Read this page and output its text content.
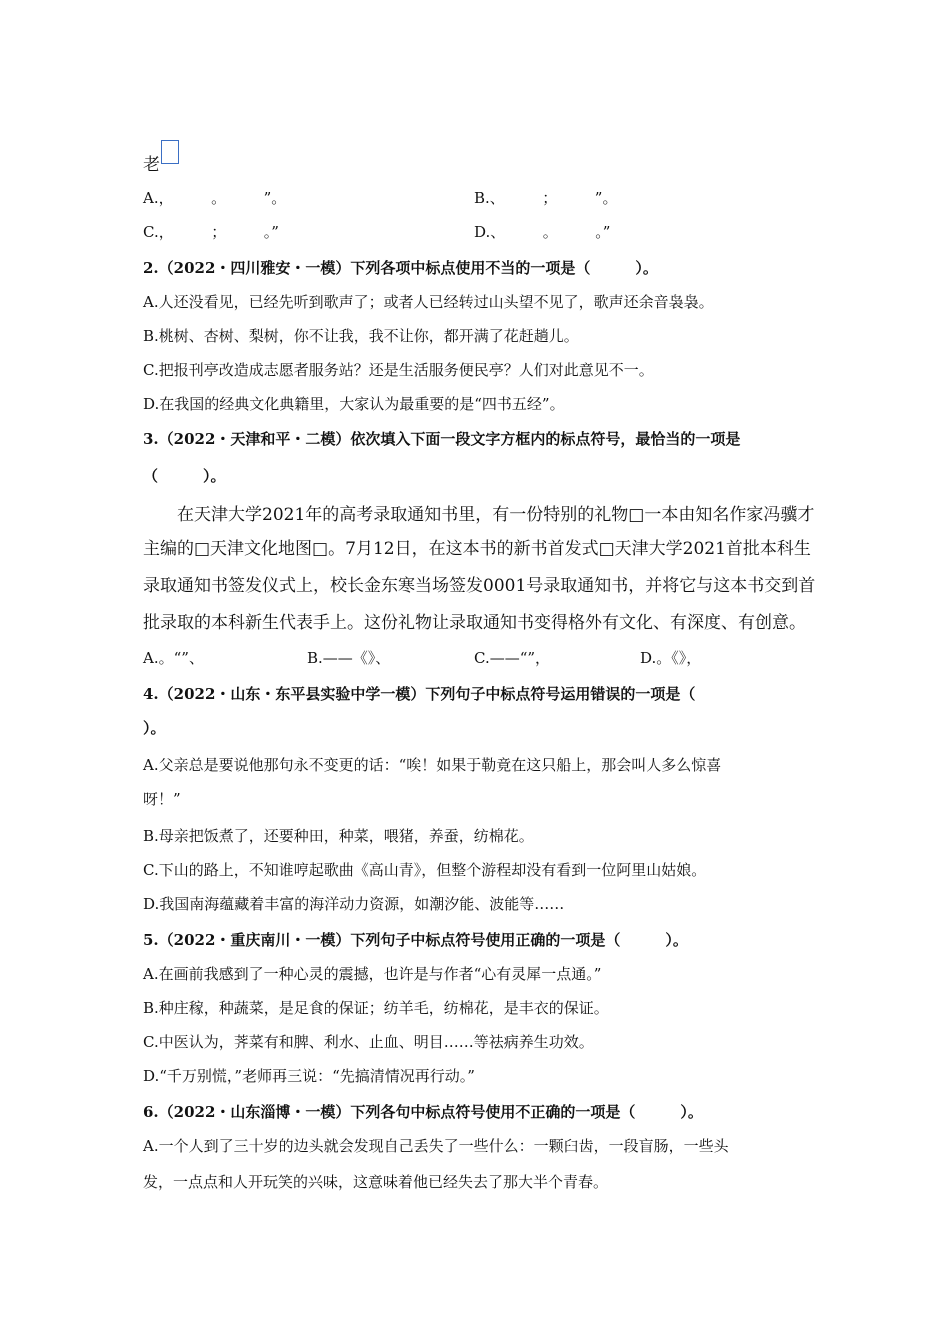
老
A.，　　　。　　　”。	B.、　　　；　　　”。
C.，　　　；　　　。”	D.、　　　。　　　。”
2.（2022・四川雅安・一模）下列各项中标点使用不当的一项是（　　　）。
A.人还没看见，已经先听到歌声了；或者人已经转过山头望不见了，歌声还余音袅袅。
B.桃树、杏树、梨树，你不让我，我不让你，都开满了花赶趟儿。
C.把报刊亭改造成志愿者服务站？还是生活服务便民亭？人们对此意见不一。
D.在我国的经典文化典籍里，大家认为最重要的是“四书五经”。
3.（2022・天津和平・二模）依次填入下面一段文字方框内的标点符号，最恰当的一项是
（　　　）。
在天津大学2021年的高考录取通知书里，有一份特别的礼物□一本由知名作家冯骥才
主编的□天津文化地图□。7月12日，在这本书的新书首发式□天津大学2021首批本科生
录取通知书签发仪式上，校长金东寒当场签发0001号录取通知书，并将它与这本书交到首
批录取的本科新生代表手上。这份礼物让录取通知书变得格外有文化、有深度、有创意。
A.。“”、	B.——《》、	C.——“”，	D.。《》，
4.（2022・山东・东平县实验中学一模）下列句子中标点符号运用错误的一项是（
）。
A.父亲总是要说他那句永不变更的话：“唉！如果于勒竟在这只船上，那会叫人多么惊喜
呀！”
B.母亲把饭煮了，还要种田，种菜，喂猪，养蚕，纺棉花。
C.下山的路上，不知谁哼起歌曲《高山青》，但整个游程却没有看到一位阿里山姑娘。
D.我国南海蕴藏着丰富的海洋动力资源，如潮汐能、波能等……
5.（2022・重庆南川・一模）下列句子中标点符号使用正确的一项是（　　　）。
A.在画前我感到了一种心灵的震撼，也许是与作者“心有灵犀一点通。”
B.种庄稼，种蔬菜，是足食的保证；纺羊毛，纺棉花，是丰衣的保证。
C.中医认为，荠菜有和脾、利水、止血、明目……等祛病养生功效。
D.“千万别慌，”老师再三说：“先搞清情况再行动。”
6.（2022・山东淄博・一模）下列各句中标点符号使用不正确的一项是（　　　）。
A.一个人到了三十岁的边头就会发现自己丢失了一些什么：一颗臼齿，一段盲肠，一些头
发，一点点和人开玩笑的兴味，这意味着他已经失去了那大半个青春。
